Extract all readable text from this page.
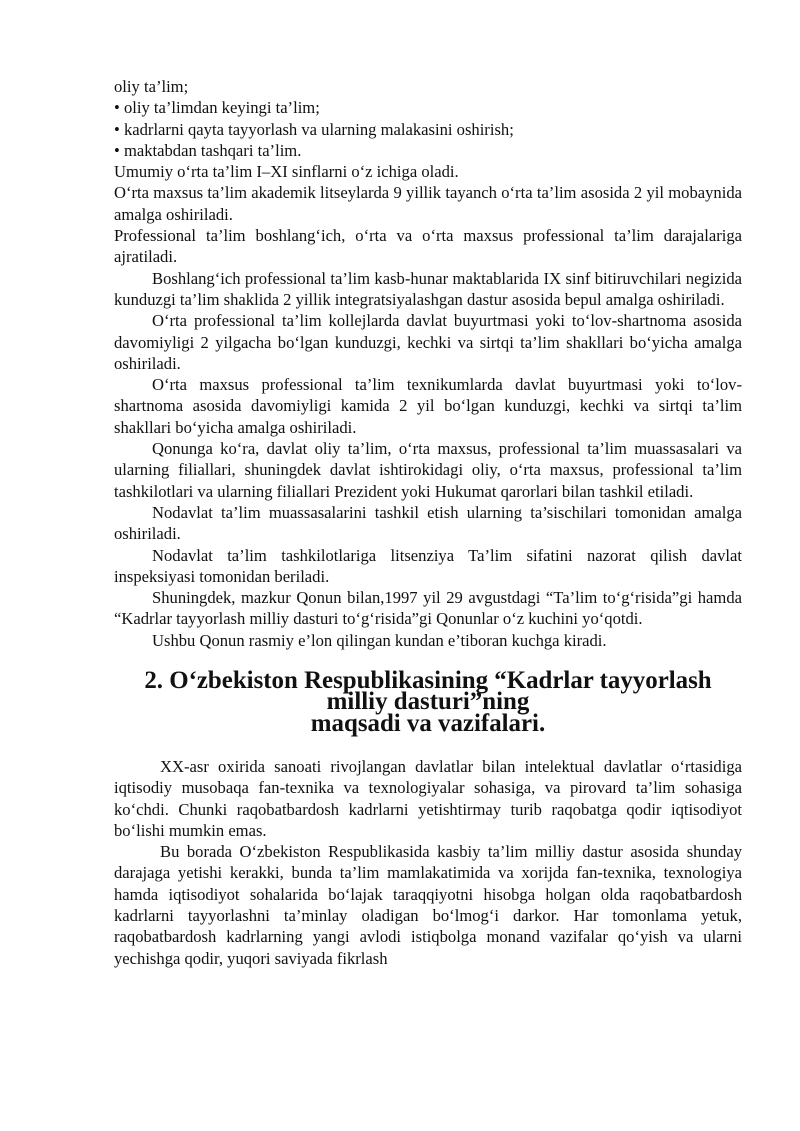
oliy ta’lim;

• oliy ta’limdan keyingi ta’lim;

• kadrlarni qayta tayyorlash va ularning malakasini oshirish;

• maktabdan tashqari ta’lim.

Umumiy o‘rta ta’lim I–XI sinflarni o‘z ichiga oladi.

O‘rta maxsus ta’lim akademik litseylarda 9 yillik tayanch o‘rta ta’lim asosida 2 yil mobaynida amalga oshiriladi.

Professional ta’lim boshlang‘ich, o‘rta va o‘rta maxsus professional ta’lim darajalariga ajratiladi.

Boshlang‘ich professional ta’lim kasb-hunar maktablarida IX sinf bitiruvchilari negizida kunduzgi ta’lim shaklida 2 yillik integratsiyalashgan dastur asosida bepul amalga oshiriladi.

O‘rta professional ta’lim kollejlarda davlat buyurtmasi yoki to‘lov-shartnoma asosida davomiyligi 2 yilgacha bo‘lgan kunduzgi, kechki va sirtqi ta’lim shakllari bo‘yicha amalga oshiriladi.

O‘rta maxsus professional ta’lim texnikumlarda davlat buyurtmasi yoki to‘lov-shartnoma asosida davomiyligi kamida 2 yil bo‘lgan kunduzgi, kechki va sirtqi ta’lim shakllari bo‘yicha amalga oshiriladi.

Qonunga ko‘ra, davlat oliy ta’lim, o‘rta maxsus, professional ta’lim muassasalari va ularning filiallari, shuningdek davlat ishtirokidagi oliy, o‘rta maxsus, professional ta’lim tashkilotlari va ularning filiallari Prezident yoki Hukumat qarorlari bilan tashkil etiladi.

Nodavlat ta’lim muassasalarini tashkil etish ularning ta’sischilari tomonidan amalga oshiriladi.

Nodavlat ta’lim tashkilotlariga litsenziya Ta’lim sifatini nazorat qilish davlat inspeksiyasi tomonidan beriladi.

Shuningdek, mazkur Qonun bilan,1997 yil 29 avgustdagi “Ta’lim to‘g‘risida”gi hamda “Kadrlar tayyorlash milliy dasturi to‘g‘risida”gi Qonunlar o‘z kuchini yo‘qotdi.

Ushbu Qonun rasmiy e’lon qilingan kundan e’tiboran kuchga kiradi.

2. O‘zbekiston Respublikasining “Kadrlar tayyorlash milliy dasturi”ning
maqsadi va vazifalari.

XX-asr oxirida sanoati rivojlangan davlatlar bilan intelektual davlatlar o‘rtasidiga iqtisodiy musobaqa fan-texnika va texnologiyalar sohasiga, va pirovard ta’lim sohasiga ko‘chdi. Chunki raqobatbardosh kadrlarni yetishtirmay turib raqobatga qodir iqtisodiyot bo‘lishi mumkin emas.

Bu borada O‘zbekiston Respublikasida kasbiy ta’lim milliy dastur asosida shunday darajaga yetishi kerakki, bunda ta’lim mamlakatimida va xorijda fan-texnika, texnologiya hamda iqtisodiyot sohalarida bo‘lajak taraqqiyotni hisobga holgan olda raqobatbardosh kadrlarni tayyorlashni ta’minlay oladigan bo‘lmog‘i darkor. Har tomonlama yetuk, raqobatbardosh kadrlarning yangi avlodi istiqbolga monand vazifalar qo‘yish va ularni yechishga qodir, yuqori saviyada fikrlash
